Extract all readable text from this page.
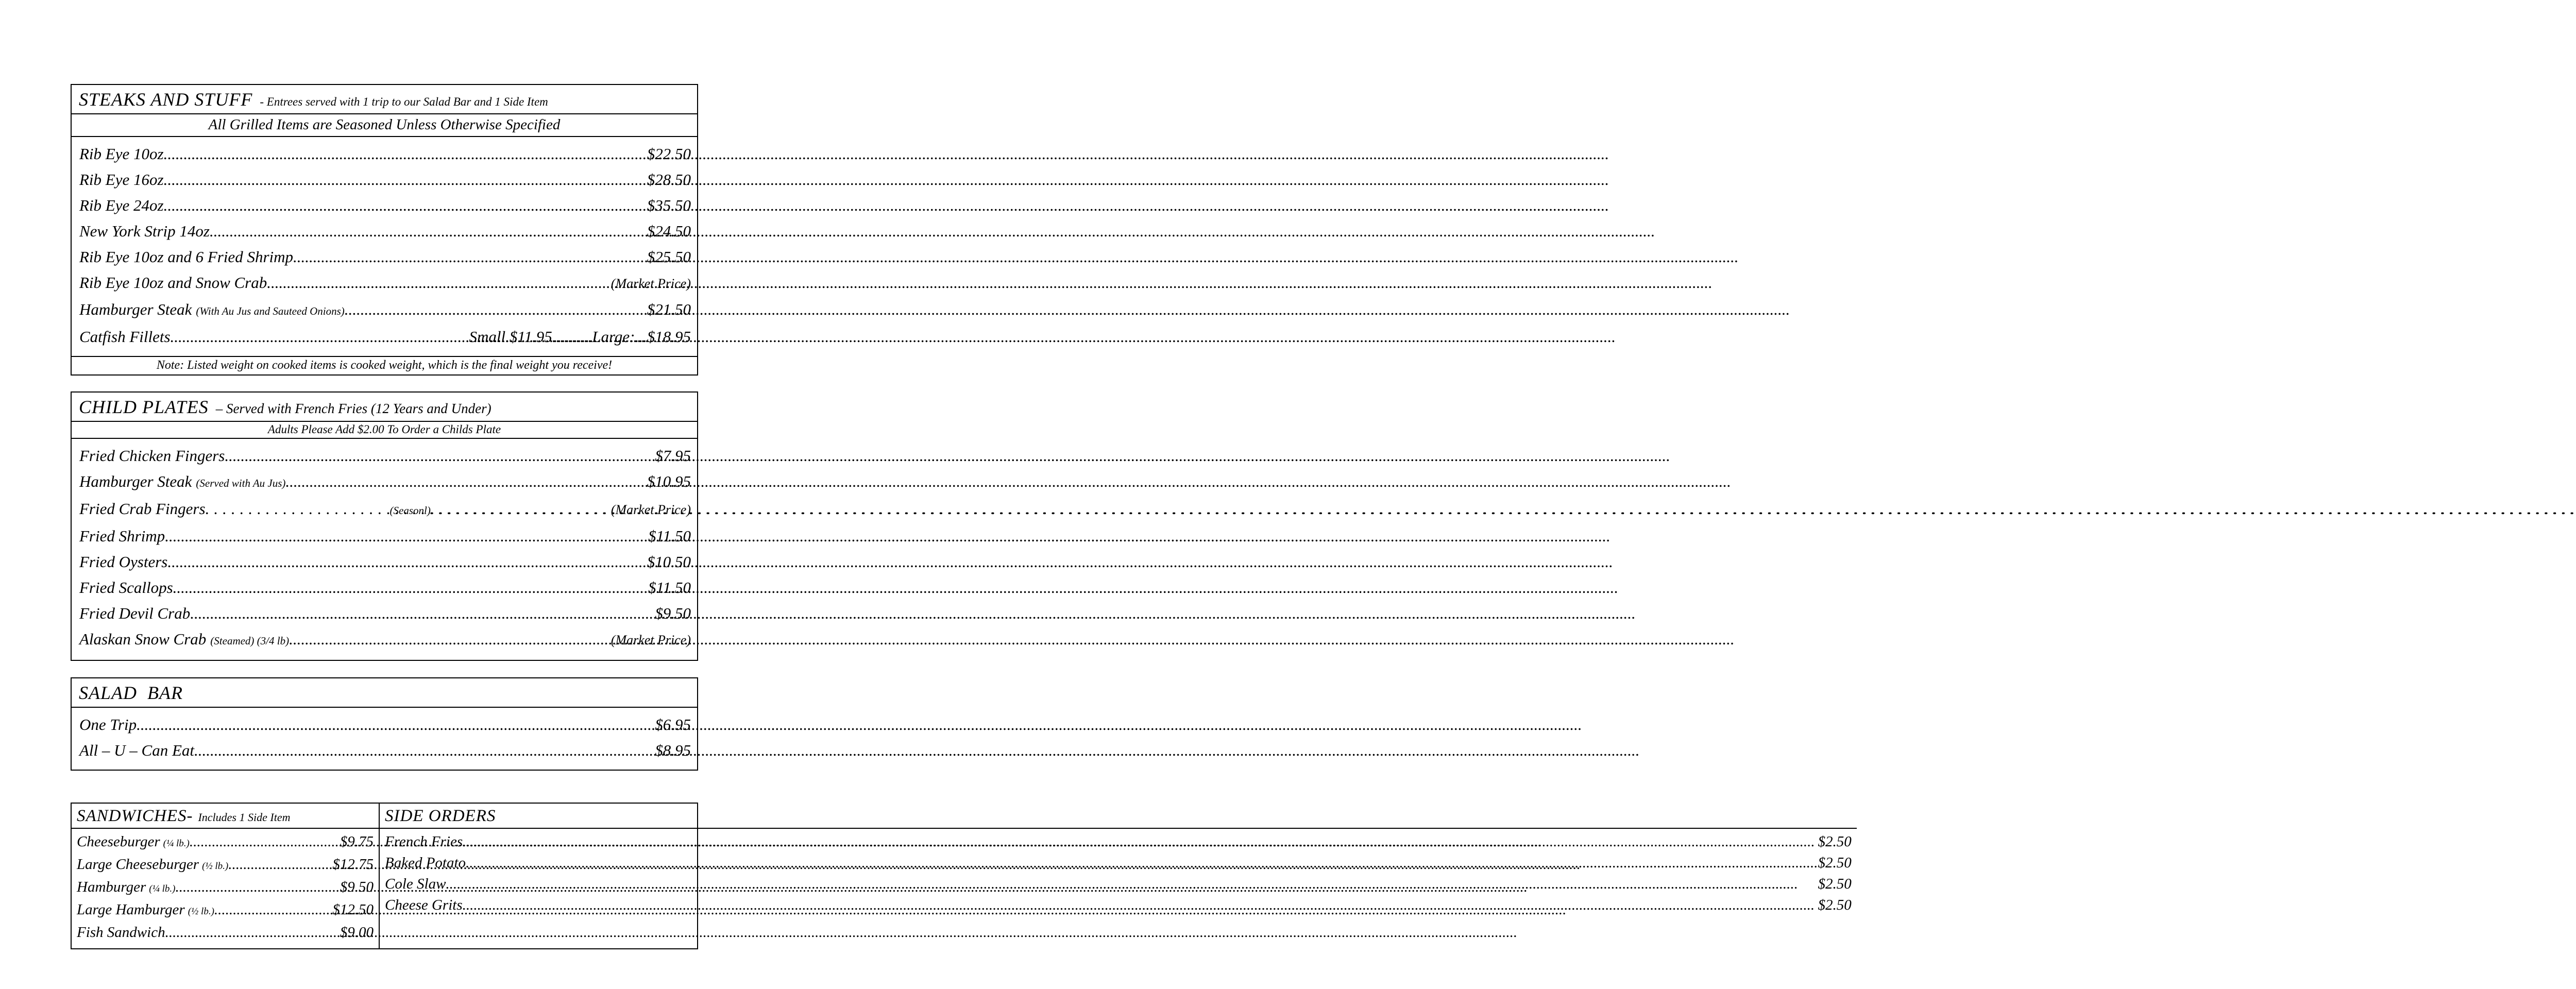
STEAKS AND STUFF - Entrees served with 1 trip to our Salad Bar and 1 Side Item
All Grilled Items are Seasoned Unless Otherwise Specified
Rib Eye 10oz .....	$22.50
Rib Eye 16oz .....	$28.50
Rib Eye 24oz .....	$35.50
New York Strip 14oz .....	$24.50
Rib Eye 10oz and 6 Fried Shrimp .....	$25.50
Rib Eye 10oz and Snow Crab .....	(Market Price)
Hamburger Steak (With Au Jus and Sauteed Onions) .....	$21.50
Catfish Fillets .....	Small.$11.95..........Large:...$18.95
Note: Listed weight on cooked items is cooked weight, which is the final weight you receive!
CHILD PLATES – Served with French Fries (12 Years and Under)
Adults Please Add $2.00 To Order a Childs Plate
Fried Chicken Fingers .....	$7.95
Hamburger Steak (Served with Au Jus) .....	$10.95
Fried Crab Fingers .....	(Seasonl) .....	(Market Price)
Fried Shrimp .....	$11.50
Fried Oysters .....	$10.50
Fried Scallops .....	$11.50
Fried Devil Crab .....	$9.50
Alaskan Snow Crab (Steamed) (3/4 lb) .....	(Market Price)
SALAD  BAR
One Trip .....	$6.95
All – U – Can Eat .....	$8.95
SANDWICHES- Includes 1 Side Item
Cheeseburger (¼ lb.) .....	$9.75
Large Cheeseburger (½ lb.) .....	$12.75
Hamburger (¼ lb.) .....	$9.50
Large Hamburger (½ lb.) .....	$12.50
Fish Sandwich .....	$9.00
SIDE ORDERS
French Fries .....	$2.50
Baked Potato .....	$2.50
Cole Slaw .....	$2.50
Cheese Grits .....	$2.50
